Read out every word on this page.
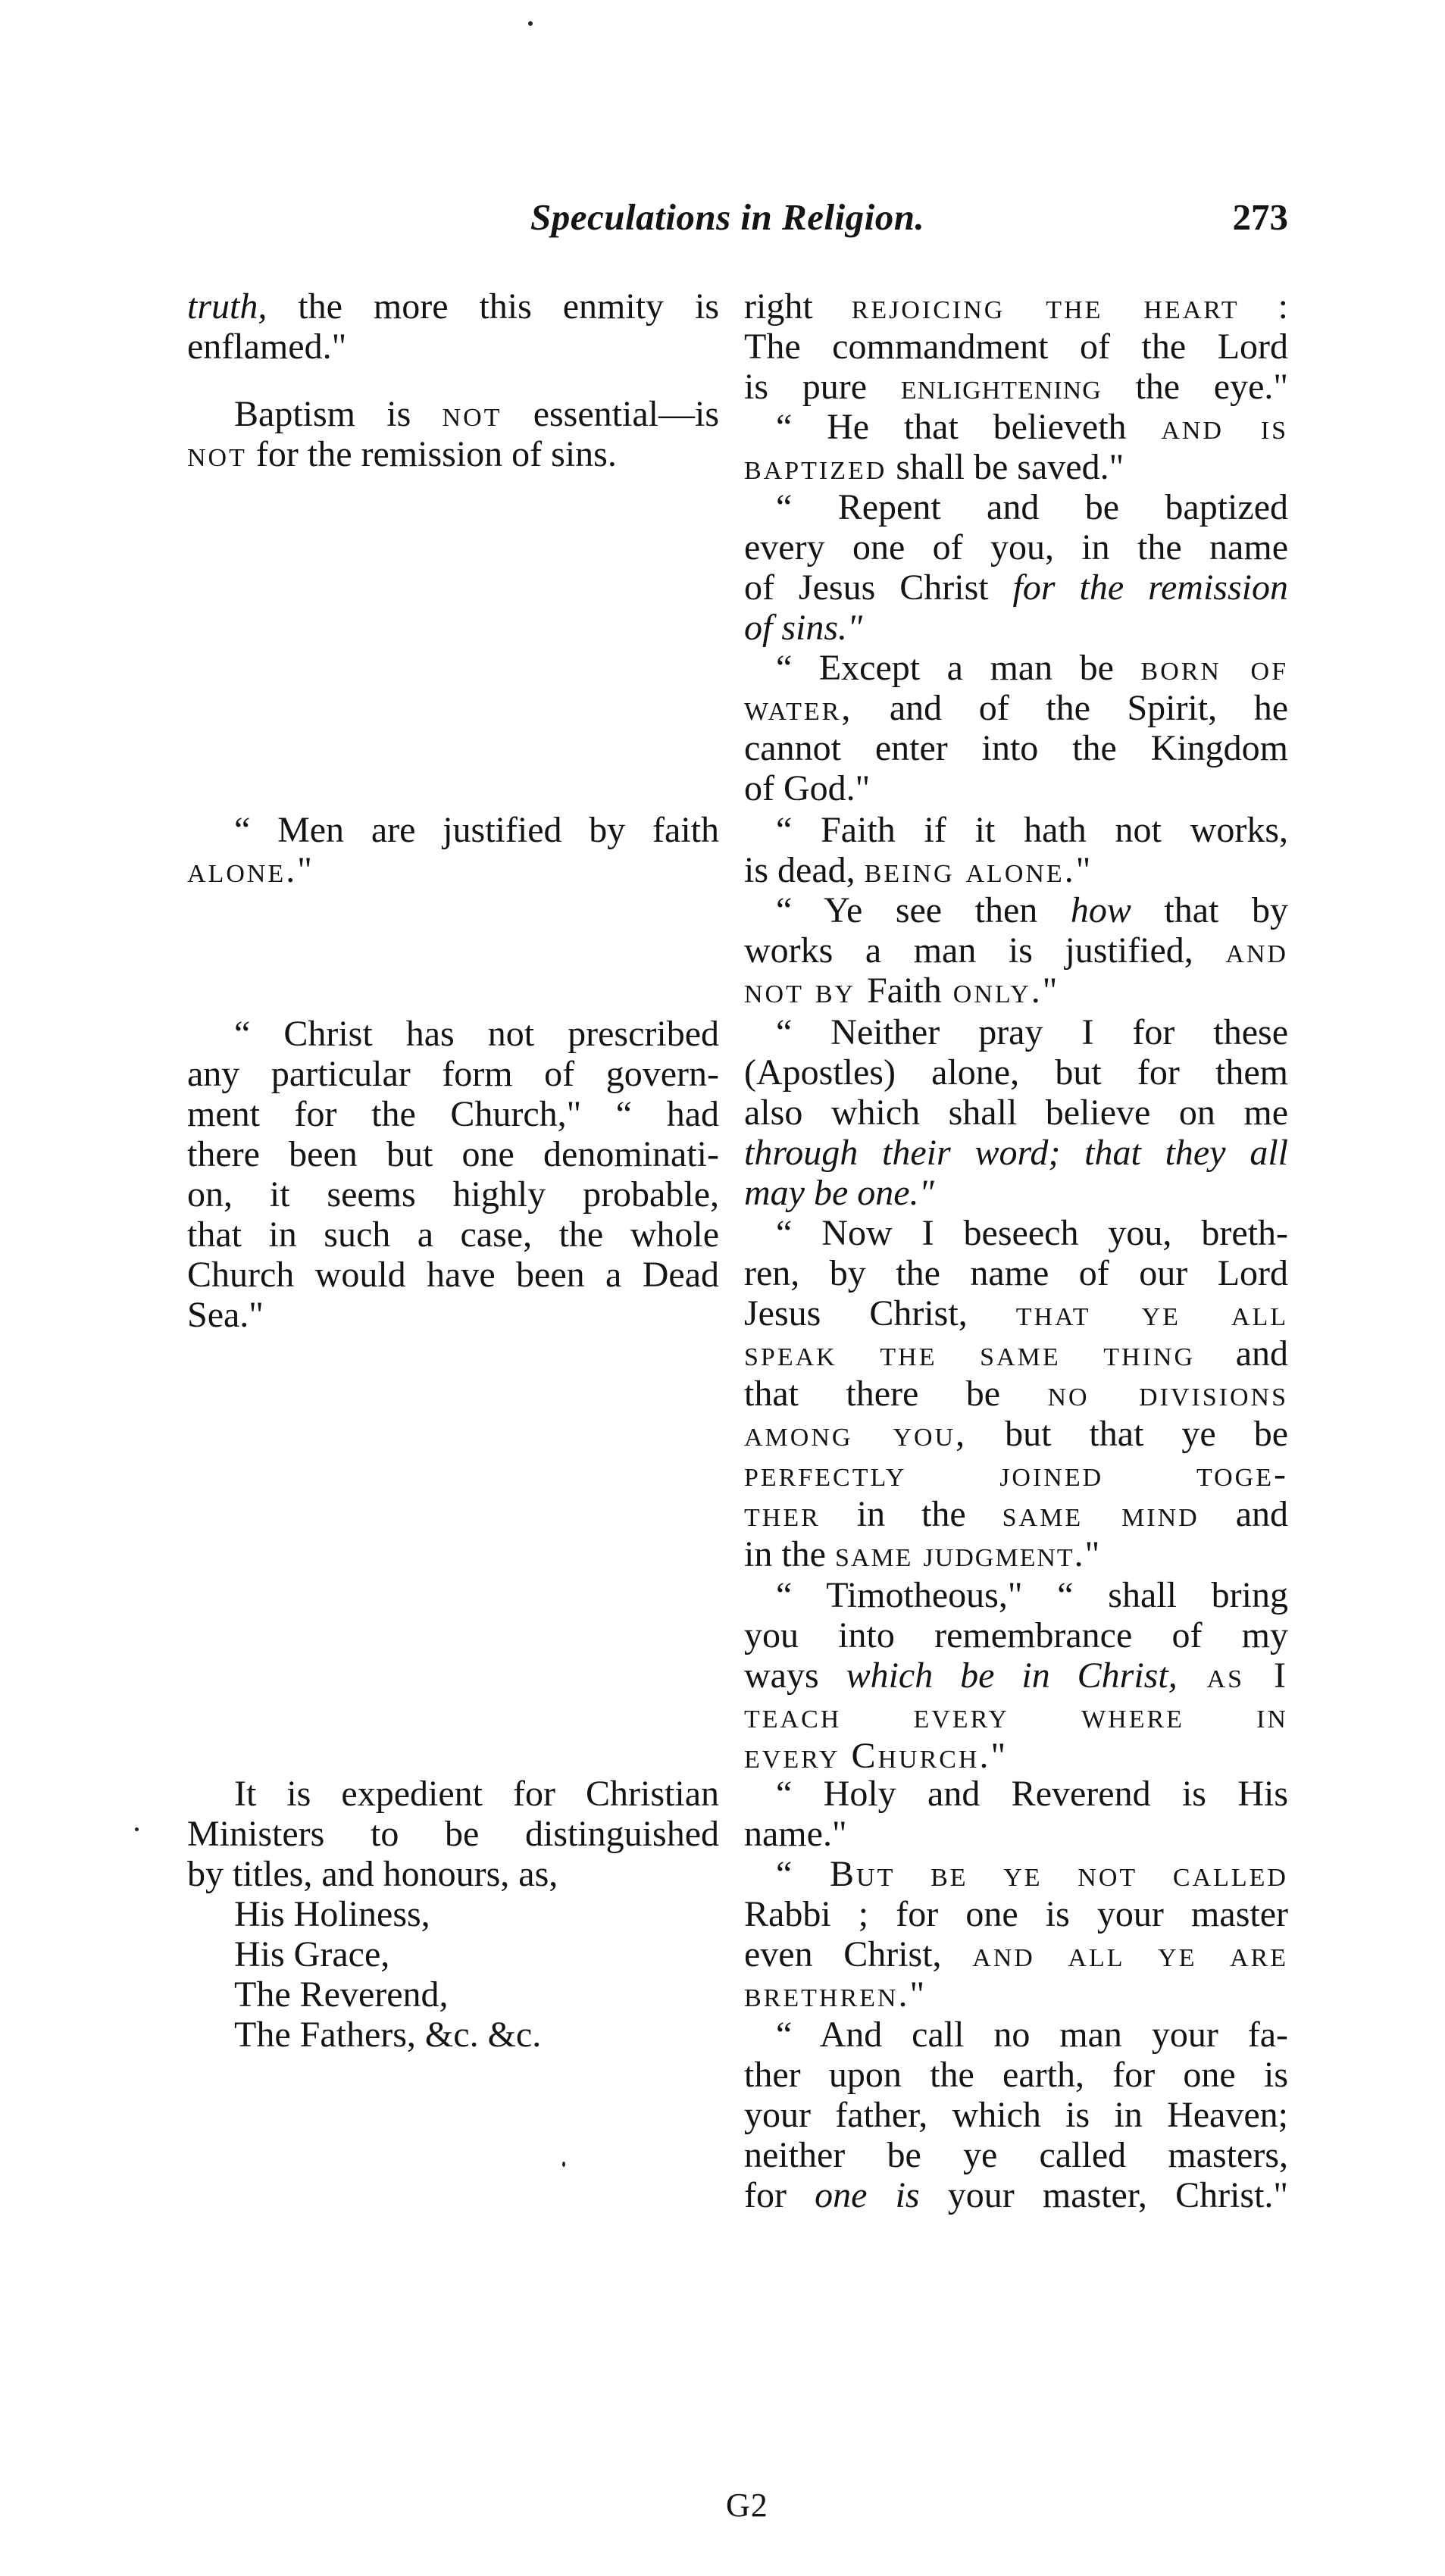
Speculations in Religion.	273
truth, the more this enmity is
enflamed."
Baptism is not essential—is
not for the remission of sins.
“ Men are justified by faith
alone."
“ Christ has not prescribed
any particular form of govern-
ment for the Church," “ had
there been but one denominati-
on, it seems highly probable,
that in such a case, the whole
Church would have been a Dead
Sea."
It is expedient for Christian
Ministers to be distinguished
by titles, and honours, as,
His Holiness,
His Grace,
The Reverend,
The Fathers, &c. &c.
right rejoicing the heart :
The commandment of the Lord
is pure enlightening the eye."
“ He that believeth and is
baptized shall be saved."
“ Repent and be baptized
every one of you, in the name
of Jesus Christ for the remission
of sins."
“ Except a man be born of
water, and of the Spirit, he
cannot enter into the Kingdom
of God."
“ Faith if it hath not works,
is dead, being alone."
“ Ye see then how that by
works a man is justified, and
not by Faith only."
“ Neither pray I for these
(Apostles) alone, but for them
also which shall believe on me
through their word; that they all
may be one."
“ Now I beseech you, breth-
ren, by the name of our Lord
Jesus Christ, that ye all
speak the same thing and
that there be no divisions
among you, but that ye be
perfectly joined toge-
ther in the same mind and
in the same judgment."
“ Timotheous," “ shall bring
you into remembrance of my
ways which be in Christ, as I
teach every where in
every Church."
“ Holy and Reverend is His
name."
“ But be ye not called
Rabbi ; for one is your master
even Christ, and all ye are
brethren."
“ And call no man your fa-
ther upon the earth, for one is
your father, which is in Heaven;
neither be ye called masters,
for one is your master, Christ."
G2
